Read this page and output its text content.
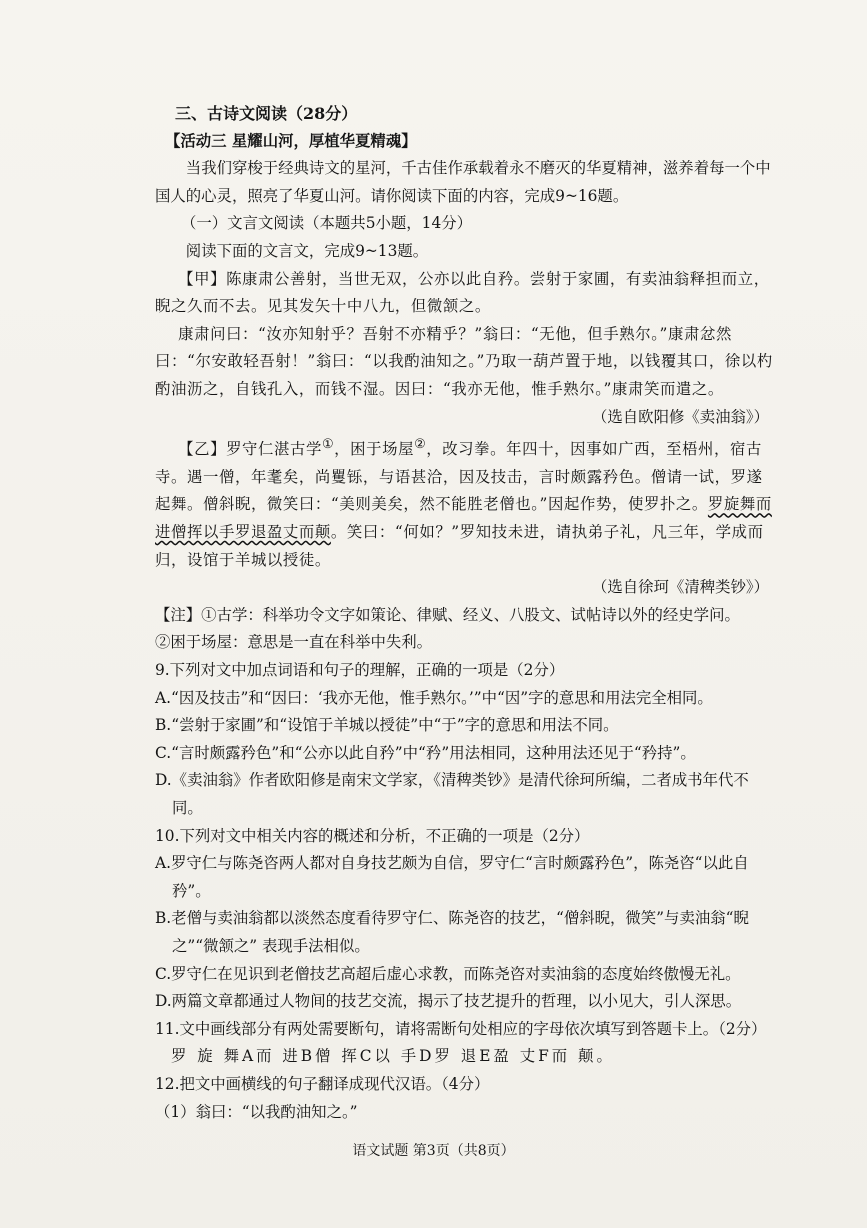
三、古诗文阅读（28分）

【活动三 星耀山河，厚植华夏精魂】

当我们穿梭于经典诗文的星河，千古佳作承载着永不磨灭的华夏精神，滋养着每一个中国人的心灵，照亮了华夏山河。请你阅读下面的内容，完成9~16题。

（一）文言文阅读（本题共5小题，14分）

阅读下面的文言文，完成9~13题。

【甲】陈康肃公善射，当世无双，公亦以此自矜。尝射于家圃，有卖油翁释担而立，睨之久而不去。见其发矢十中八九，但微颔之。

康肃问曰：“汝亦知射乎？吾射不亦精乎？”翁曰：“无他，但手熟尔。”康肃忿然曰：“尔安敢轻吾射！”翁曰：“以我酌油知之。”乃取一葫芦置于地，以钱覆其口，徐以杓酌油沥之，自钱孔入，而钱不湿。因曰：“我亦无他，惟手熟尔。”康肃笑而遣之。

（选自欧阳修《卖油翁》）

【乙】罗守仁湛古学①，困于场屋②，改习拳。年四十，因事如广西，至梧州，宿古寺。遇一僧，年耄矣，尚矍铄，与语甚洽，因及技击，言时颇露矜色。僧请一试，罗遂起舞。僧斜睨，微笑曰：“美则美矣，然不能胜老僧也。”因起作势，使罗扑之。罗旋舞而进僧挥以手罗退盈丈而颠。笑曰：“何如？”罗知技未进，请执弟子礼，凡三年，学成而归，设馆于羊城以授徒。

（选自徐珂《清稗类钞》）

【注】①古学：科举功令文字如策论、律赋、经义、八股文、试帖诗以外的经史学问。

②困于场屋：意思是一直在科举中失利。

9.下列对文中加点词语和句子的理解，正确的一项是（2分）

A.“因及技击”和“因曰：‘我亦无他，惟手熟尔。’”中“因”字的意思和用法完全相同。

B.“尝射于家圃”和“设馆于羊城以授徒”中“于”字的意思和用法不同。

C.“言时颇露矜色”和“公亦以此自矜”中“矜”用法相同，这种用法还见于“矜持”。

D.《卖油翁》作者欧阳修是南宋文学家，《清稗类钞》是清代徐珂所编，二者成书年代不同。

10.下列对文中相关内容的概述和分析，不正确的一项是（2分）

A.罗守仁与陈尧咨两人都对自身技艺颇为自信，罗守仁“言时颇露矜色”，陈尧咨“以此自矜”。

B.老僧与卖油翁都以淡然态度看待罗守仁、陈尧咨的技艺，“僧斜睨，微笑”与卖油翁“睨之”“微颔之” 表现手法相似。

C.罗守仁在见识到老僧技艺高超后虚心求教，而陈尧咨对卖油翁的态度始终傲慢无礼。

D.两篇文章都通过人物间的技艺交流，揭示了技艺提升的哲理，以小见大，引人深思。

11.文中画线部分有两处需要断句，请将需断句处相应的字母依次填写到答题卡上。（2分）

罗 旋 舞A而 进B僧 挥C以 手D罗 退E盈 丈F而 颠。

12.把文中画横线的句子翻译成现代汉语。（4分）

（1）翁曰：“以我酌油知之。”

语文试题 第3页（共8页）
